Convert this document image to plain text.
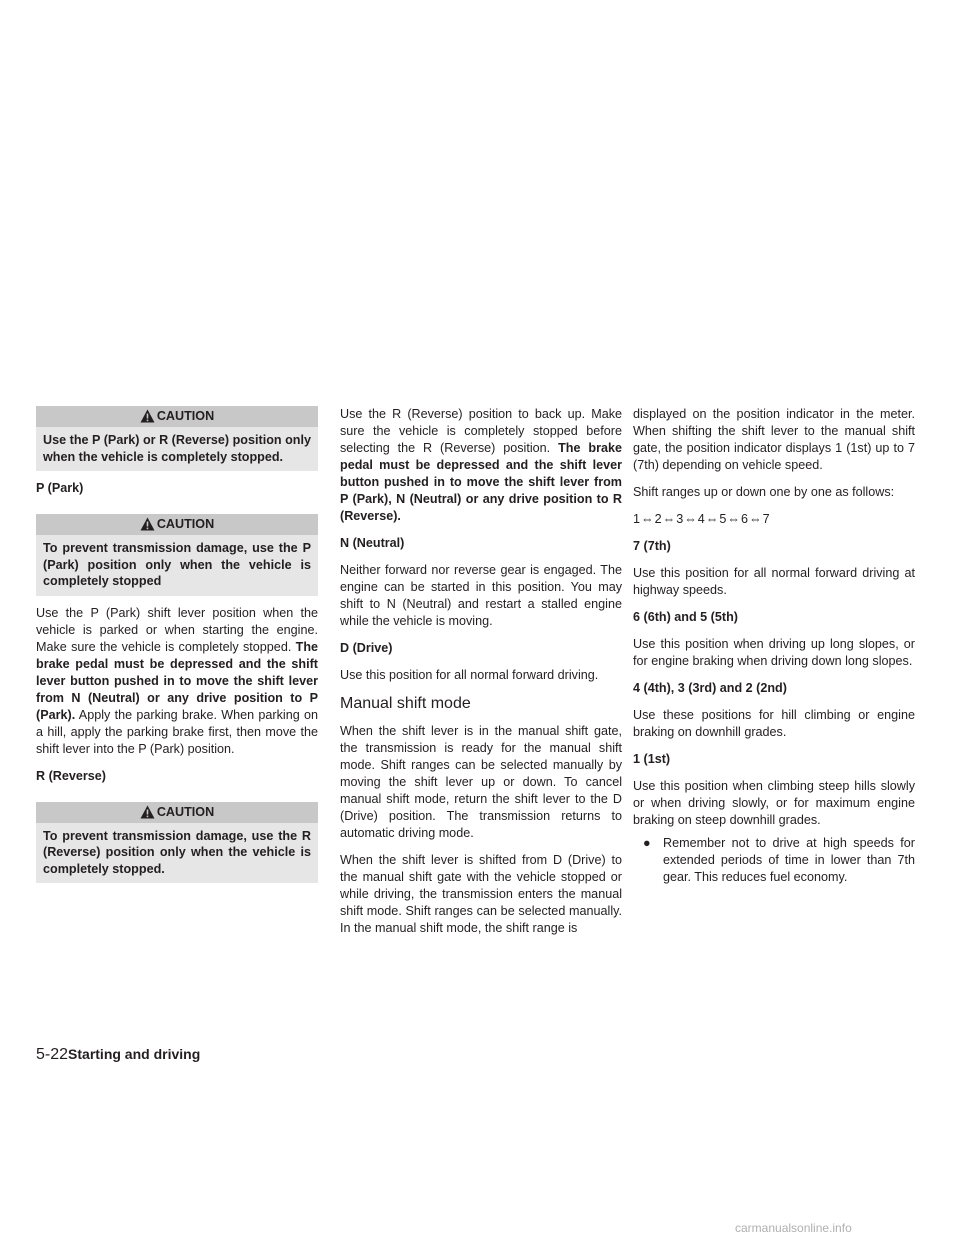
CAUTION
Use the P (Park) or R (Reverse) position only when the vehicle is completely stopped.
P (Park)
CAUTION
To prevent transmission damage, use the P (Park) position only when the vehicle is completely stopped

Use the P (Park) shift lever position when the vehicle is parked or when starting the engine. Make sure the vehicle is completely stopped. The brake pedal must be depressed and the shift lever button pushed in to move the shift lever from N (Neutral) or any drive position to P (Park). Apply the parking brake. When parking on a hill, apply the parking brake first, then move the shift lever into the P (Park) position.

R (Reverse)
CAUTION
To prevent transmission damage, use the R (Reverse) position only when the vehicle is completely stopped.

Use the R (Reverse) position to back up. Make sure the vehicle is completely stopped before selecting the R (Reverse) position. The brake pedal must be depressed and the shift lever button pushed in to move the shift lever from P (Park), N (Neutral) or any drive position to R (Reverse).

N (Neutral)

Neither forward nor reverse gear is engaged. The engine can be started in this position. You may shift to N (Neutral) and restart a stalled engine while the vehicle is moving.

D (Drive)

Use this position for all normal forward driving.

Manual shift mode

When the shift lever is in the manual shift gate, the transmission is ready for the manual shift mode. Shift ranges can be selected manually by moving the shift lever up or down. To cancel manual shift mode, return the shift lever to the D (Drive) position. The transmission returns to automatic driving mode.

When the shift lever is shifted from D (Drive) to the manual shift gate with the vehicle stopped or while driving, the transmission enters the manual shift mode. Shift ranges can be selected manually. In the manual shift mode, the shift range is

displayed on the position indicator in the meter. When shifting the shift lever to the manual shift gate, the position indicator displays 1 (1st) up to 7 (7th) depending on vehicle speed.

Shift ranges up or down one by one as follows:

1⇔2⇔3⇔4⇔5⇔6⇔7

7 (7th)

Use this position for all normal forward driving at highway speeds.

6 (6th) and 5 (5th)

Use this position when driving up long slopes, or for engine braking when driving down long slopes.

4 (4th), 3 (3rd) and 2 (2nd)

Use these positions for hill climbing or engine braking on downhill grades.

1 (1st)

Use this position when climbing steep hills slowly or when driving slowly, or for maximum engine braking on steep downhill grades.

● Remember not to drive at high speeds for extended periods of time in lower than 7th gear. This reduces fuel economy.
5-22Starting and driving
carmanualsonline.info
